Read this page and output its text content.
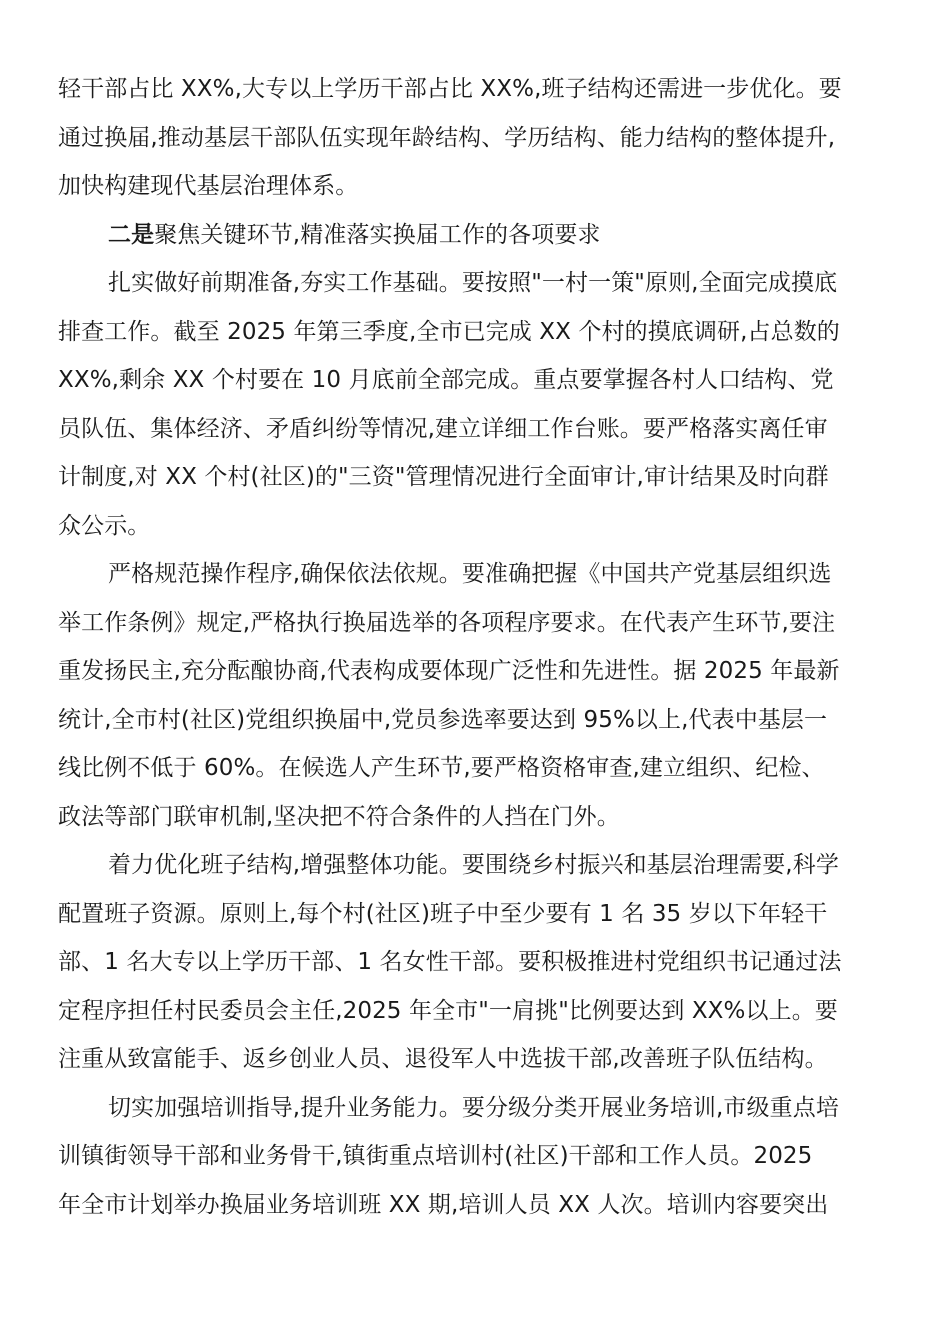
轻干部占比 XX%,大专以上学历干部占比 XX%,班子结构还需进一步优化。要
通过换届,推动基层干部队伍实现年龄结构、学历结构、能力结构的整体提升,
加快构建现代基层治理体系。
二是聚焦关键环节,精准落实换届工作的各项要求
扎实做好前期准备,夯实工作基础。要按照"一村一策"原则,全面完成摸底
排查工作。截至 2025 年第三季度,全市已完成 XX 个村的摸底调研,占总数的
XX%,剩余 XX 个村要在 10 月底前全部完成。重点要掌握各村人口结构、党
员队伍、集体经济、矛盾纠纷等情况,建立详细工作台账。要严格落实离任审
计制度,对 XX 个村(社区)的"三资"管理情况进行全面审计,审计结果及时向群
众公示。
严格规范操作程序,确保依法依规。要准确把握《中国共产党基层组织选
举工作条例》规定,严格执行换届选举的各项程序要求。在代表产生环节,要注
重发扬民主,充分酝酿协商,代表构成要体现广泛性和先进性。据 2025 年最新
统计,全市村(社区)党组织换届中,党员参选率要达到 95%以上,代表中基层一
线比例不低于 60%。在候选人产生环节,要严格资格审查,建立组织、纪检、
政法等部门联审机制,坚决把不符合条件的人挡在门外。
着力优化班子结构,增强整体功能。要围绕乡村振兴和基层治理需要,科学
配置班子资源。原则上,每个村(社区)班子中至少要有 1 名 35 岁以下年轻干
部、1 名大专以上学历干部、1 名女性干部。要积极推进村党组织书记通过法
定程序担任村民委员会主任,2025 年全市"一肩挑"比例要达到 XX%以上。要
注重从致富能手、返乡创业人员、退役军人中选拔干部,改善班子队伍结构。
切实加强培训指导,提升业务能力。要分级分类开展业务培训,市级重点培
训镇街领导干部和业务骨干,镇街重点培训村(社区)干部和工作人员。2025
年全市计划举办换届业务培训班 XX 期,培训人员 XX 人次。培训内容要突出
